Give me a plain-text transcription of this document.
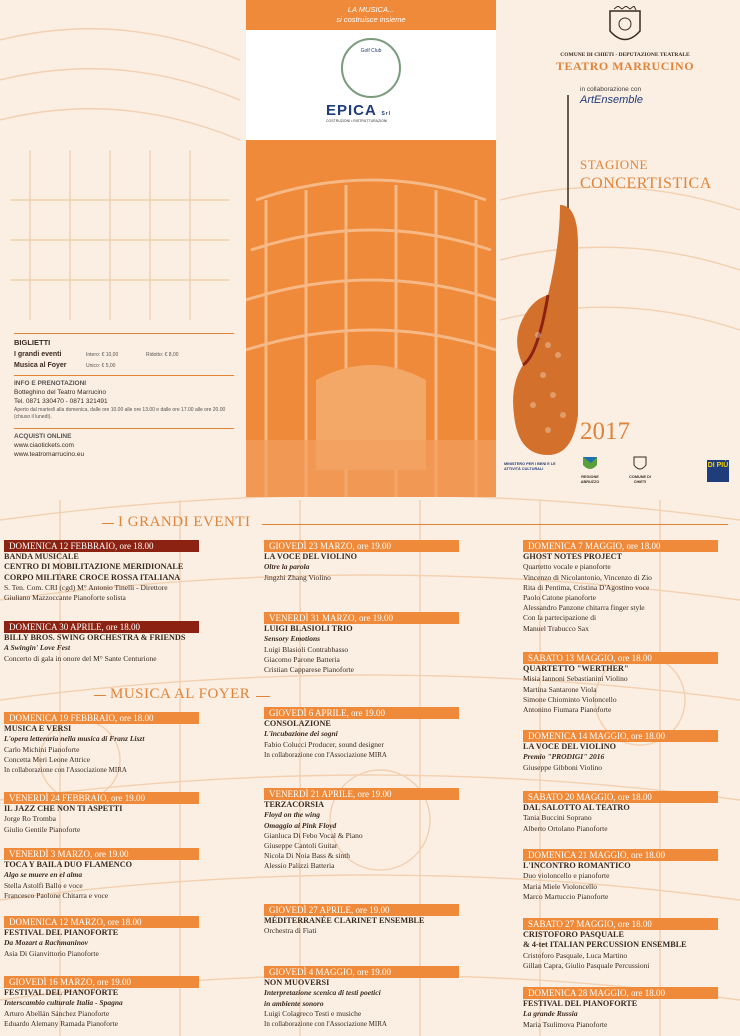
BIGLIETTI
I grandi eventi	Intero: € 10,00	Ridotto: € 8,00
Musica al Foyer	Unico: € 5,00
INFO E PRENOTAZIONI
Botteghino del Teatro Marrucino
Tel. 0871 330470 - 0871 321491
Aperto dal martedì alla domenica, dalle ore 10.00 alle ore 13.00 e dalle ore 17.00 alle ore 20.00 (chiuso il lunedì).
ACQUISTI ONLINE
www.ciaotickets.com
www.teatromarrucino.eu
LA MUSICA...
si costruisce insieme
Golf Club
EPICA Srl
COSTRUZIONI • RISTRUTTURAZIONI
COMUNE DI CHIETI - DEPUTAZIONE TEATRALE
TEATRO MARRUCINO
in collaborazione con
ArtEnsemble
STAGIONE
CONCERTISTICA
2017
MINISTERO PER I BENI E LE ATTIVITÀ CULTURALI
REGIONE ABRUZZO
COMUNE DI CHIETI
DI PIÙ
I GRANDI EVENTI
MUSICA AL FOYER
DOMENICA 12 FEBBRAIO, ore 18.00
BANDA MUSICALE
CENTRO DI MOBILITAZIONE MERIDIONALE
CORPO MILITARE CROCE ROSSA ITALIANA
S. Ten. Com. CRI (cgd) M° Antonio Tinelli - Direttore
Giuliano Mazzoccante Pianoforte solista
DOMENICA 30 APRILE, ore 18.00
BILLY BROS. SWING ORCHESTRA & FRIENDS
A Swingin' Love Fest
Concerto di gala in onore del M° Sante Centurione
DOMENICA 19 FEBBRAIO, ore 18.00
MUSICA E VERSI
L'opera letteraria nella musica di Franz Liszt
Carlo Michini Pianoforte
Concetta Meri Leone Attrice
In collaborazione con l'Associazione MIRA
VENERDÌ 24 FEBBRAIO, ore 19.00
IL JAZZ CHE NON TI ASPETTI
Jorge Ro Tromba
Giulio Gentile Pianoforte
VENERDÌ 3 MARZO, ore 19.00
TOCA Y BAILA DUO FLAMENCO
Algo se muere en el alma
Stella Astolfi Ballo e voce
Francesco Paolone Chitarra e voce
DOMENICA 12 MARZO, ore 18.00
FESTIVAL DEL PIANOFORTE
Da Mozart a Rachmaninov
Asia Di Gianvittorio Pianoforte
GIOVEDÌ 16 MARZO, ore 19.00
FESTIVAL DEL PIANOFORTE
Interscambio culturale Italia - Spagna
Arturo Abellán Sánchez Pianoforte
Eduardo Alemany Ramada Pianoforte
GIOVEDÌ 23 MARZO, ore 19.00
LA VOCE DEL VIOLINO
Oltre la parola
Jingzhi Zhang Violino
VENERDÌ 31 MARZO, ore 19.00
LUIGI BLASIOLI TRIO
Sensory Emotions
Luigi Blasioli Contrabbasso
Giacomo Parone Batteria
Cristian Capparese Pianoforte
GIOVEDÌ 6 APRILE, ore 19.00
CONSOLAZIONE
L'incubazione dei sogni
Fabio Colucci Producer, sound designer
In collaborazione con l'Associazione MIRA
VENERDÌ 21 APRILE, ore 19.00
TERZACORSIA
Floyd on the wing
Omaggio ai Pink Floyd
Gianluca Di Febo Vocal & Piano
Giuseppe Cantoli Guitar
Nicola Di Noia Bass & sinth
Alessio Palizzi Batteria
GIOVEDÌ 27 APRILE, ore 19.00
MÉDITERRANÉE CLARINET ENSEMBLE
Orchestra di Fiati
GIOVEDÌ 4 MAGGIO, ore 19.00
NON MUOVERSI
Interpretazione scenica di testi poetici
in ambiente sonoro
Luigi Colagreco Testi e musiche
In collaborazione con l'Associazione MIRA
DOMENICA 7 MAGGIO, ore 18.00
GHOST NOTES PROJECT
Quartetto vocale e pianoforte
Vincenzo di Nicolantonio, Vincenzo di Zio
Rita di Pentima, Cristina D'Agostino voce
Paolo Catone pianoforte
Alessandro Panzone chitarra finger style
Con la partecipazione di
Manuel Trabucco Sax
SABATO 13 MAGGIO, ore 18.00
QUARTETTO "WERTHER"
Misia Iannoni Sebastianini Violino
Martina Santarone Viola
Simone Chiominto Violoncello
Antonino Fiumara Pianoforte
DOMENICA 14 MAGGIO, ore 18.00
LA VOCE DEL VIOLINO
Premio "PRODIGI" 2016
Giuseppe Gibboni Violino
SABATO 20 MAGGIO, ore 18.00
DAL SALOTTO AL TEATRO
Tania Buccini Soprano
Alberto Ortolano Pianoforte
DOMENICA 21 MAGGIO, ore 18.00
L'INCONTRO ROMANTICO
Duo violoncello e pianoforte
Maria Miele Violoncello
Marco Martuccio Pianoforte
SABATO 27 MAGGIO, ore 18.00
CRISTOFORO PASQUALE
& 4-tet ITALIAN PERCUSSION ENSEMBLE
Cristoforo Pasquale, Luca Martino
Gillan Capra, Giulio Pasquale Percussioni
DOMENICA 28 MAGGIO, ore 18.00
FESTIVAL DEL PIANOFORTE
La grande Russia
Maria Tsulimova Pianoforte
